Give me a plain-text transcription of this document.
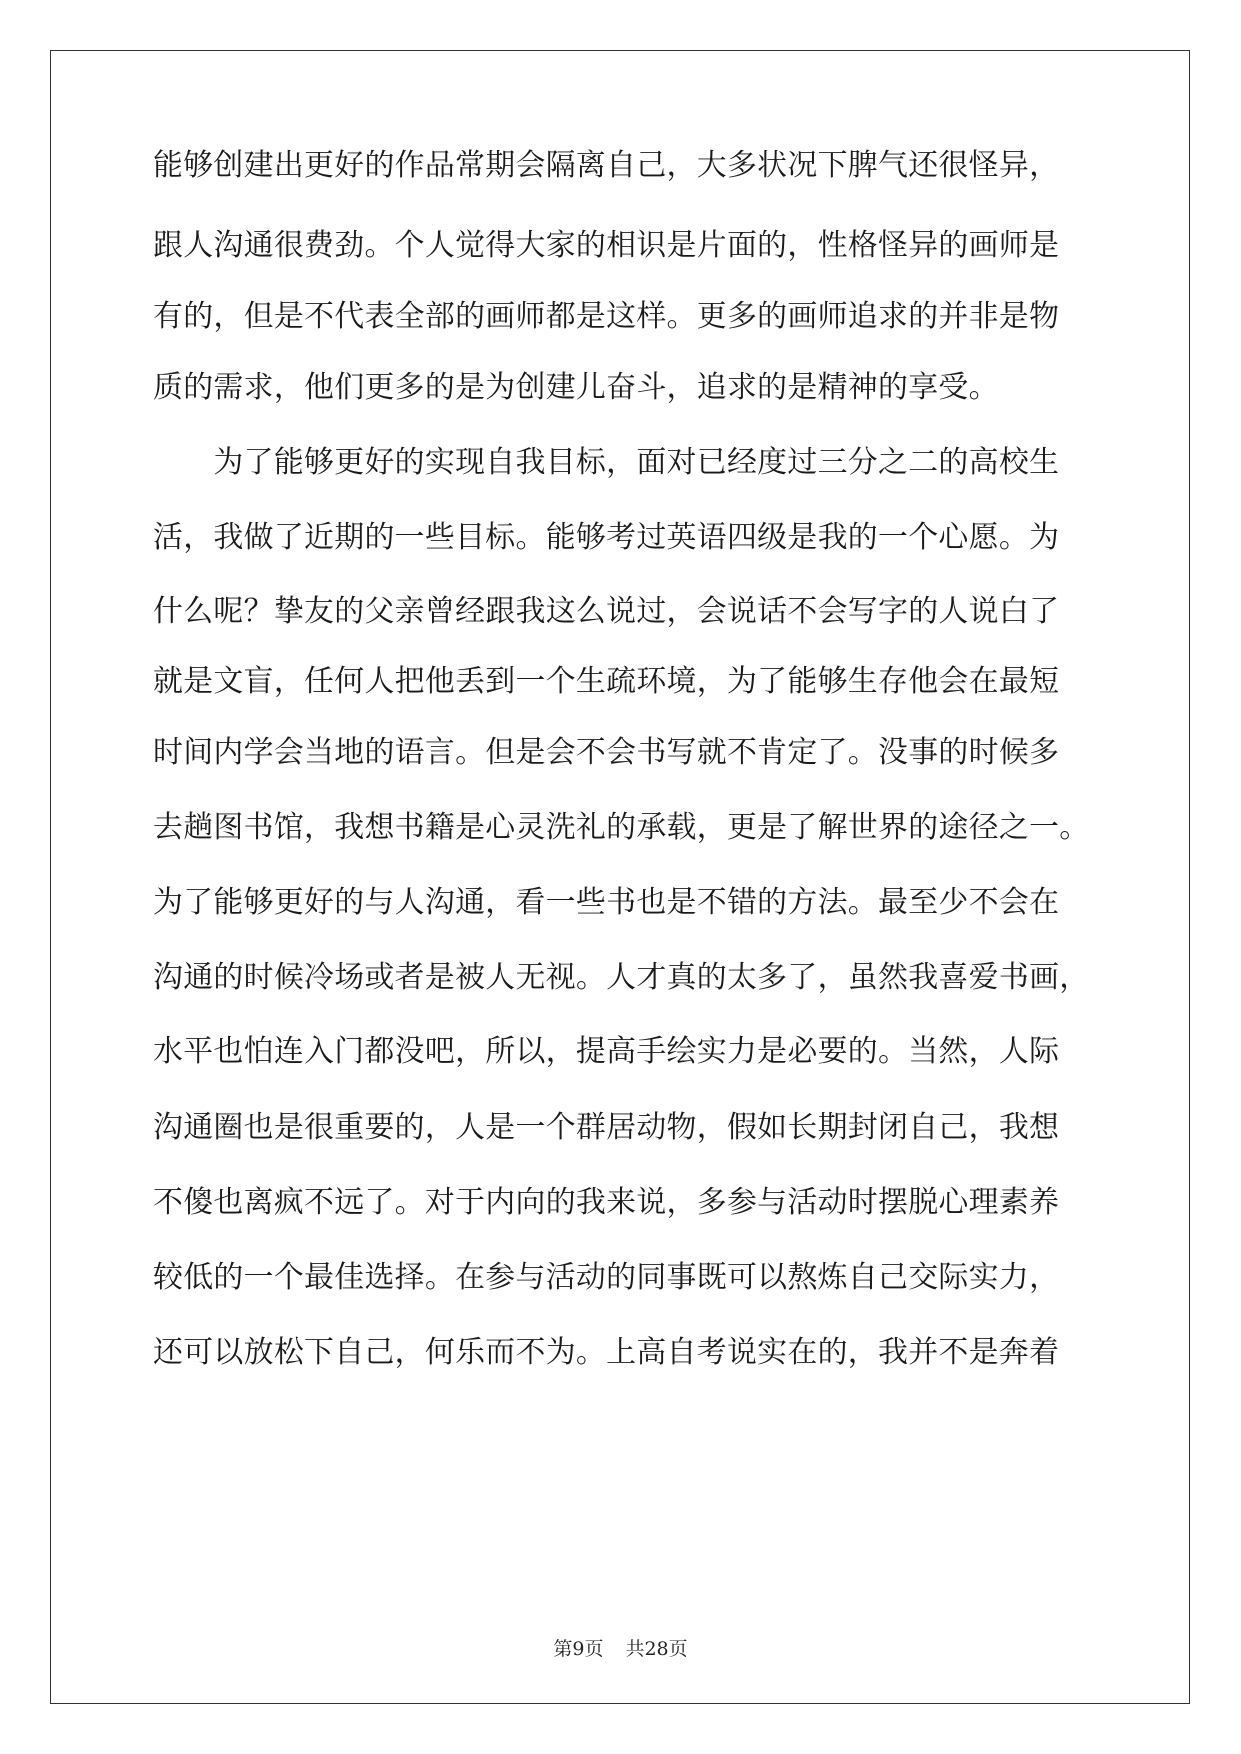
能够创建出更好的作品常期会隔离自己，大多状况下脾气还很怪异，
跟人沟通很费劲。个人觉得大家的相识是片面的，性格怪异的画师是
有的，但是不代表全部的画师都是这样。更多的画师追求的并非是物
质的需求，他们更多的是为创建儿奋斗，追求的是精神的享受。
　　为了能够更好的实现自我目标，面对已经度过三分之二的高校生
活，我做了近期的一些目标。能够考过英语四级是我的一个心愿。为
什么呢？挚友的父亲曾经跟我这么说过，会说话不会写字的人说白了
就是文盲，任何人把他丢到一个生疏环境，为了能够生存他会在最短
时间内学会当地的语言。但是会不会书写就不肯定了。没事的时候多
去趟图书馆，我想书籍是心灵洗礼的承载，更是了解世界的途径之一。
为了能够更好的与人沟通，看一些书也是不错的方法。最至少不会在
沟通的时候冷场或者是被人无视。人才真的太多了，虽然我喜爱书画，
水平也怕连入门都没吧，所以，提高手绘实力是必要的。当然，人际
沟通圈也是很重要的，人是一个群居动物，假如长期封闭自己，我想
不傻也离疯不远了。对于内向的我来说，多参与活动时摆脱心理素养
较低的一个最佳选择。在参与活动的同事既可以熬炼自己交际实力，
还可以放松下自己，何乐而不为。上高自考说实在的，我并不是奔着
第9页 共28页
